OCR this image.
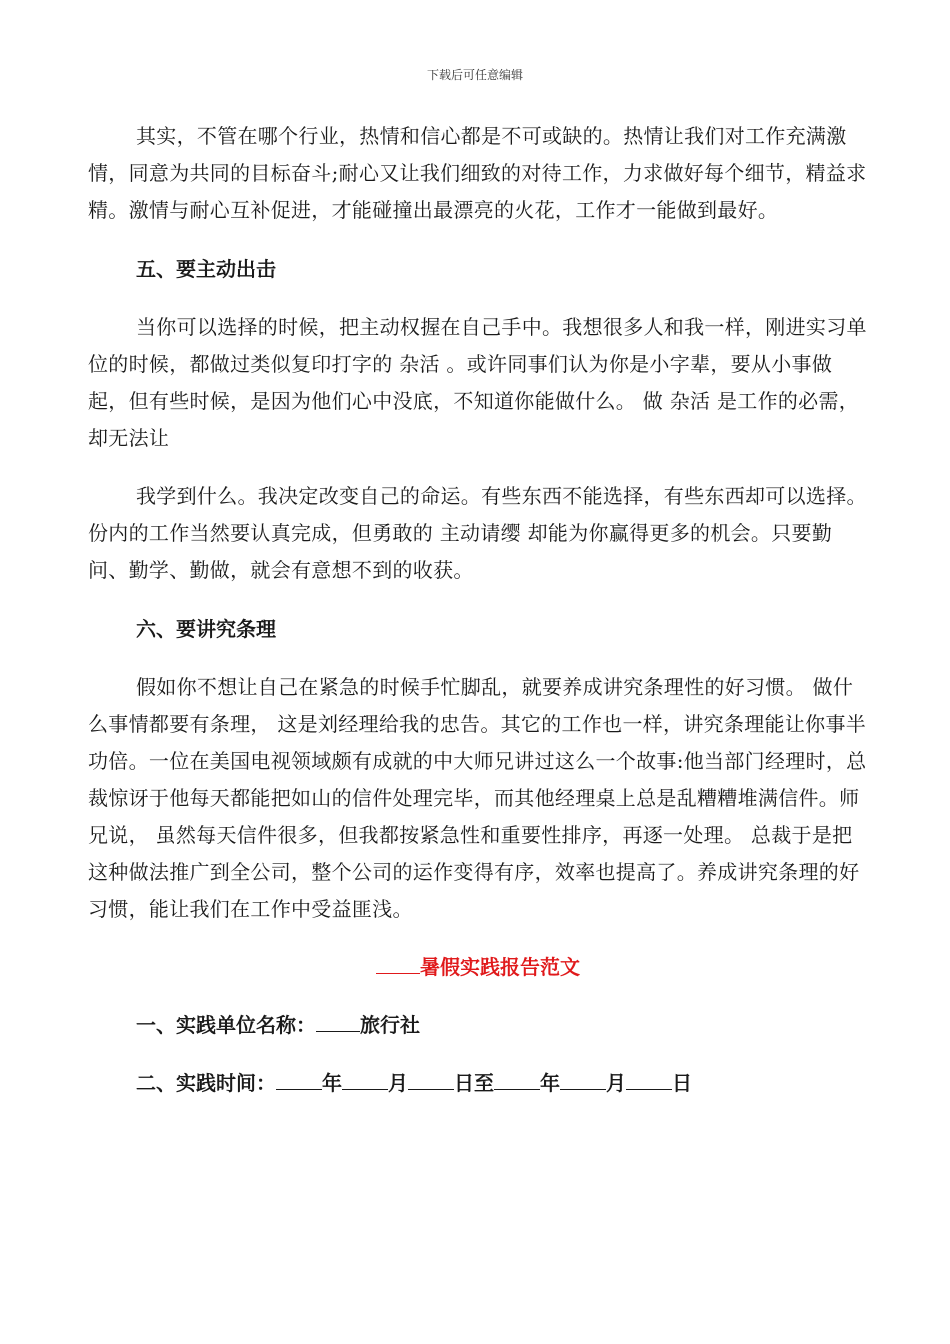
下载后可任意编辑

其实，不管在哪个行业，热情和信心都是不可或缺的。热情让我们对工作充满激情，同意为共同的目标奋斗;耐心又让我们细致的对待工作，力求做好每个细节，精益求精。激情与耐心互补促进，才能碰撞出最漂亮的火花，工作才一能做到最好。

五、要主动出击

当你可以选择的时候，把主动权握在自己手中。我想很多人和我一样，刚进实习单位的时候，都做过类似复印打字的 杂活 。或许同事们认为你是小字辈，要从小事做起，但有些时候，是因为他们心中没底，不知道你能做什么。 做 杂活 是工作的必需，却无法让

我学到什么。我决定改变自己的命运。有些东西不能选择，有些东西却可以选择。份内的工作当然要认真完成，但勇敢的 主动请缨 却能为你赢得更多的机会。只要勤问、勤学、勤做，就会有意想不到的收获。

六、要讲究条理

假如你不想让自己在紧急的时候手忙脚乱，就要养成讲究条理性的好习惯。 做什么事情都要有条理， 这是刘经理给我的忠告。其它的工作也一样，讲究条理能让你事半功倍。一位在美国电视领域颇有成就的中大师兄讲过这么一个故事:他当部门经理时，总裁惊讶于他每天都能把如山的信件处理完毕，而其他经理桌上总是乱糟糟堆满信件。师兄说， 虽然每天信件很多，但我都按紧急性和重要性排序，再逐一处理。 总裁于是把这种做法推广到全公司，整个公司的运作变得有序，效率也提高了。养成讲究条理的好习惯，能让我们在工作中受益匪浅。

暑假实践报告范文

一、实践单位名称： 旅行社

二、实践时间： 年 月 日至 年 月 日
